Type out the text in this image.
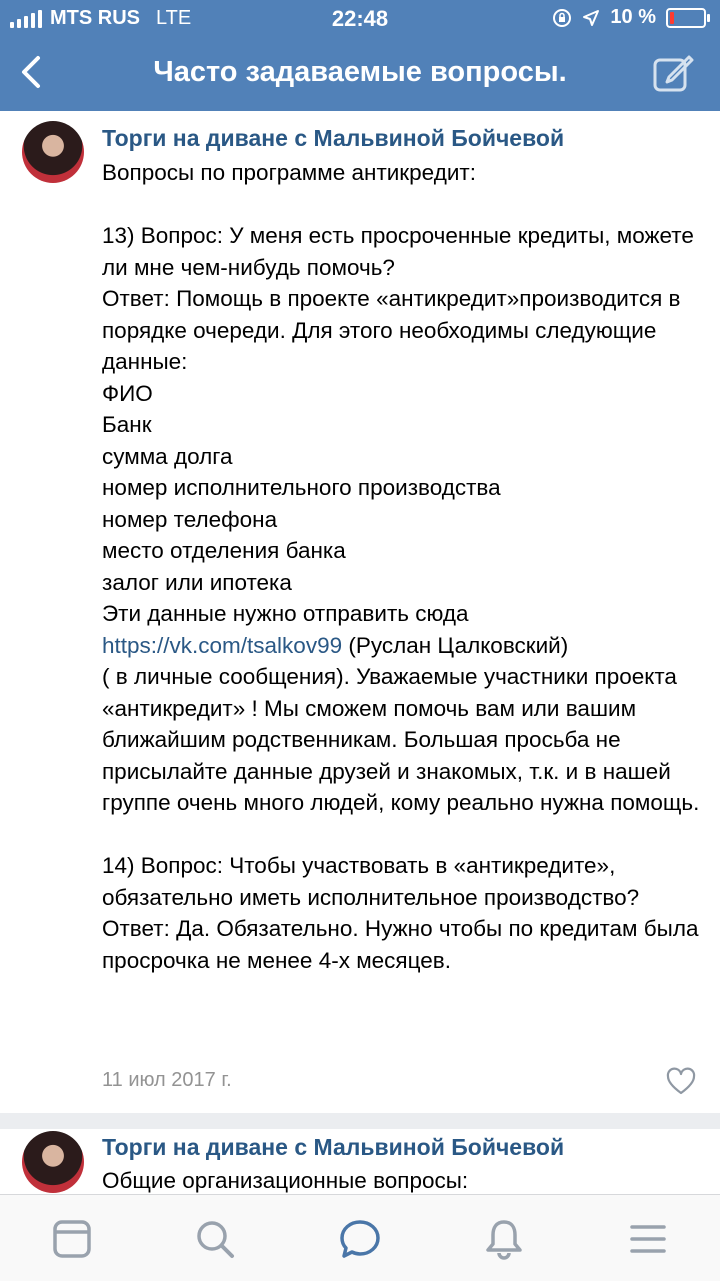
MTS RUS LTE	22:48	10 %
Часто задаваемые вопросы.
Торги на диване с Мальвиной Бойчевой

Вопросы по программе антикредит:

13) Вопрос: У меня есть просроченные кредиты, можете ли мне чем-нибудь помочь?

Ответ: Помощь в проекте «антикредит»производится в порядке очереди. Для этого необходимы следующие данные:

ФИО

Банк

сумма долга

номер исполнительного производства

номер телефона

место отделения банка

залог или ипотека

Эти данные нужно отправить сюда https://vk.com/tsalkov99 (Руслан Цалковский)

( в личные сообщения). Уважаемые участники проекта «антикредит» ! Мы сможем помочь вам или вашим ближайшим родственникам. Большая просьба не присылайте данные друзей и знакомых, т.к. и в нашей группе очень много людей, кому реально нужна помощь.

14) Вопрос: Чтобы участвовать в «антикредите», обязательно иметь исполнительное производство?

Ответ: Да. Обязательно. Нужно чтобы по кредитам была просрочка не менее 4-х месяцев.

11 июл 2017 г.
Торги на диване с Мальвиной Бойчевой

Общие организационные вопросы:
